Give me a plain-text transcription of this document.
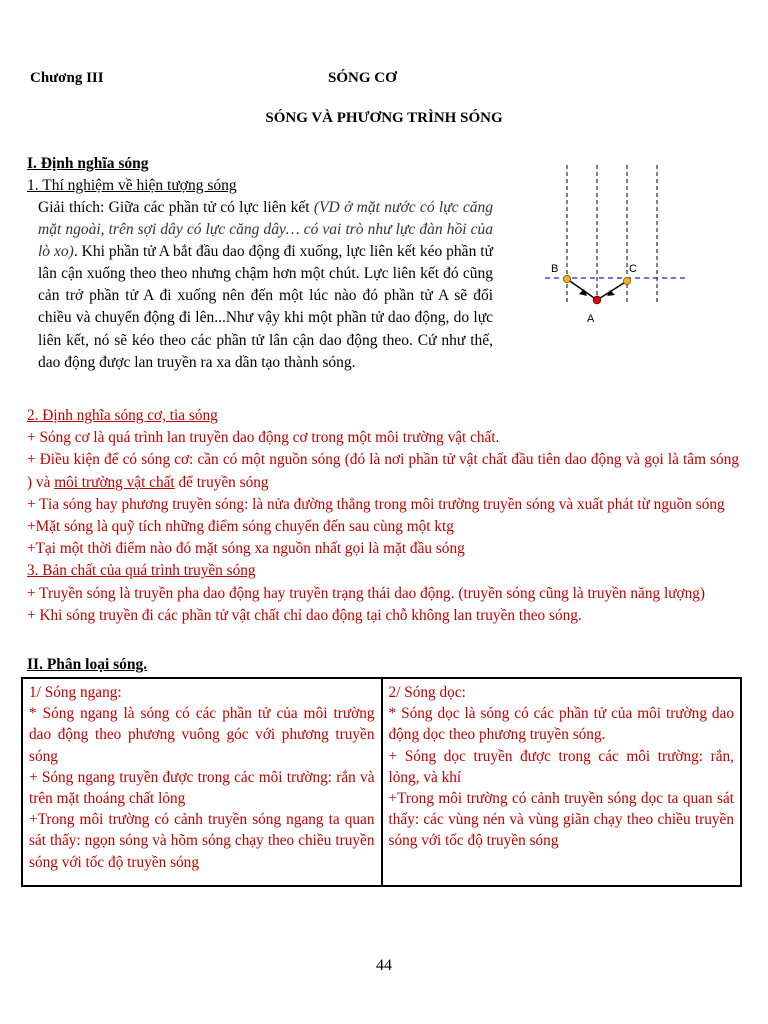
Chương III	SÓNG CƠ
SÓNG VÀ PHƯƠNG TRÌNH SÓNG
I. Định nghĩa sóng
1. Thí nghiệm về hiện tượng sóng
Giải thích: Giữa các phần tử có lực liên kết (VD ở mặt nước có lực căng mặt ngoài, trên sợi dây có lực căng dây… có vai trò như lực đàn hồi của lò xo). Khi phần tử A bắt đầu dao động đi xuống, lực liên kết kéo phần tử lân cận xuống theo theo nhưng chậm hơn một chút. Lực liên kết đó cũng cản trở phần tử A đi xuống nên đến một lúc nào đó phần tử A sẽ đổi chiều và chuyển động đi lên...Như vậy khi một phần tử dao động, do lực liên kết, nó sẽ kéo theo các phần tử lân cận dao động theo. Cứ như thế, dao động được lan truyền ra xa dần tạo thành sóng.
B	C
A

2. Định nghĩa sóng cơ, tia sóng

+ Sóng cơ là quá trình lan truyền dao động cơ trong một môi trường vật chất.

+ Điều kiện để có sóng cơ: cần có một nguồn sóng (đó là nơi phần tử vật chất đầu tiên dao động và gọi là tâm sóng ) và môi trường vật chất để truyền sóng

+ Tia sóng hay phương truyền sóng: là nửa đường thẳng trong môi trường truyền sóng và xuất phát từ nguồn sóng

+Mặt sóng là quỹ tích những điểm sóng chuyển đến sau cùng một ktg

+Tại một thời điểm nào đó mặt sóng xa nguồn nhất gọi là mặt đầu sóng

3. Bản chất của quá trình truyền sóng

+ Truyền sóng là truyền pha dao động hay truyền trạng thái dao động. (truyền sóng cũng là truyền năng lượng)

+ Khi sóng truyền đi các phần tử vật chất chỉ dao động tại chỗ không lan truyền theo sóng.

II. Phân loại sóng.

1/ Sóng ngang:

* Sóng ngang là sóng có các phần tử của môi trường dao động theo phương vuông góc với phương truyền sóng

+ Sóng ngang truyền được trong các môi trường: rắn và trên mặt thoáng chất lỏng

+Trong môi trường có cảnh truyền sóng ngang ta quan sát thấy: ngọn sóng và hõm sóng chạy theo chiều truyền sóng với tốc độ truyền sóng

2/ Sóng dọc:

* Sóng dọc là sóng có các phần tử của môi trường dao động dọc theo phương truyền sóng.

+ Sóng dọc truyền được trong các môi trường: rắn, lỏng, và khí

+Trong môi trường có cảnh truyền sóng dọc ta quan sát thấy: các vùng nén và vùng giãn chạy theo chiều truyền sóng với tốc độ truyền sóng

44
